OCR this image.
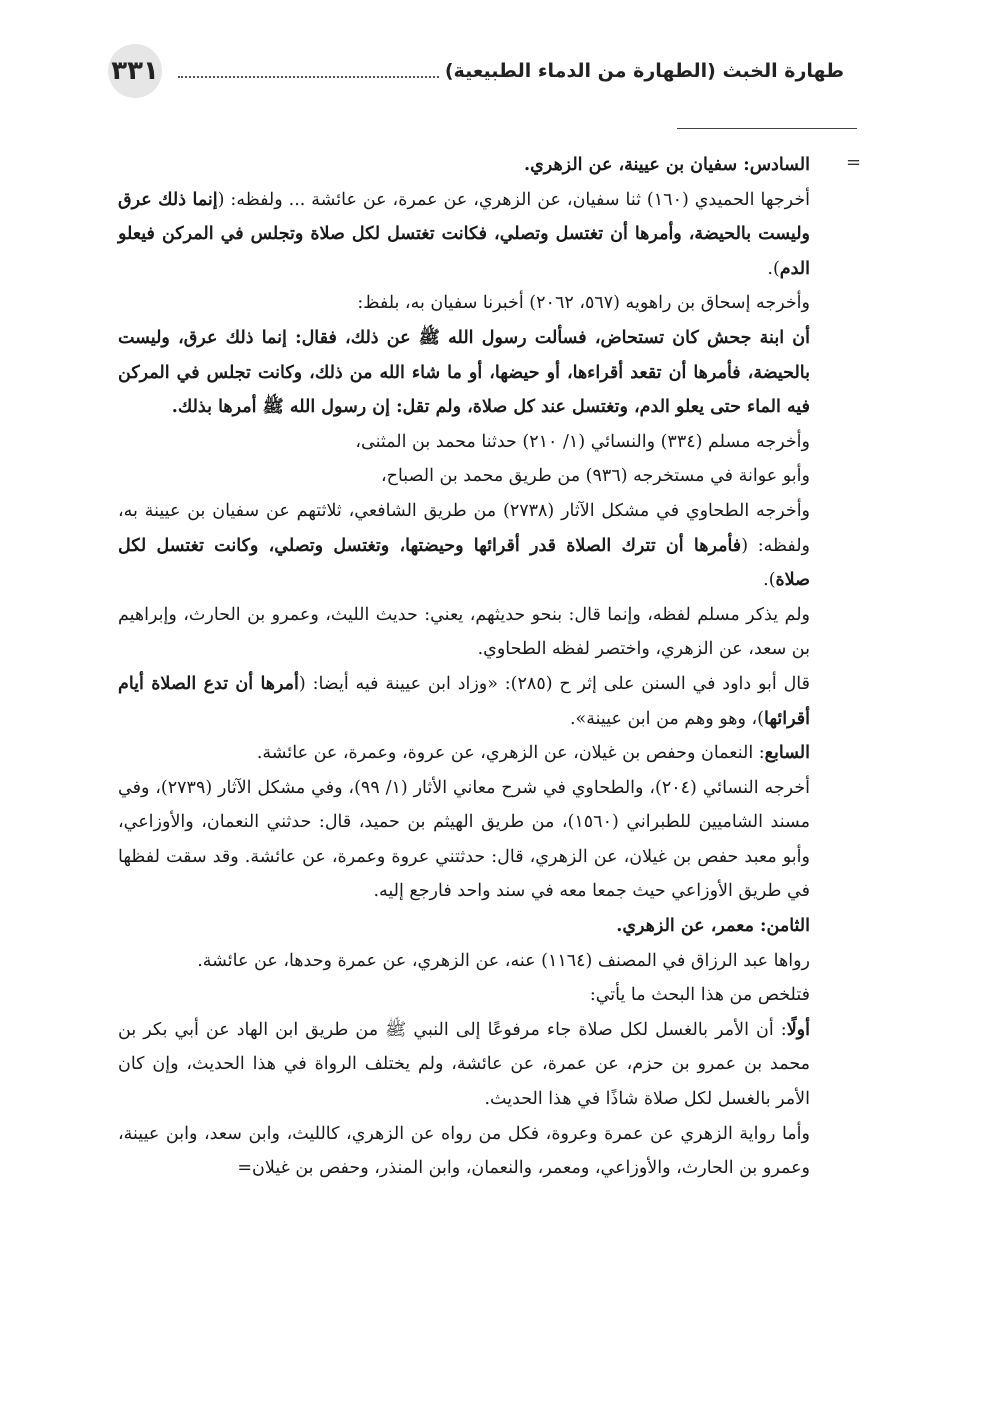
٣٣١	طهارة الخبث (الطهارة من الدماء الطبيعية)
=

السادس: سفيان بن عيينة، عن الزهري.

أخرجها الحميدي (١٦٠) ثنا سفيان، عن الزهري، عن عمرة، عن عائشة ... ولفظه: (إنما ذلك عرق وليست بالحيضة، وأمرها أن تغتسل وتصلي، فكانت تغتسل لكل صلاة وتجلس في المركن فيعلو الدم).

وأخرجه إسحاق بن راهويه (٥٦٧، ٢٠٦٢) أخبرنا سفيان به، بلفظ:

أن ابنة جحش كان تستحاض، فسألت رسول الله ﷺ عن ذلك، فقال: إنما ذلك عرق، وليست بالحيضة، فأمرها أن تقعد أقراءها، أو حيضها، أو ما شاء الله من ذلك، وكانت تجلس في المركن فيه الماء حتى يعلو الدم، وتغتسل عند كل صلاة، ولم تقل: إن رسول الله ﷺ أمرها بذلك.

وأخرجه مسلم (٣٣٤) والنسائي (١/ ٢١٠) حدثنا محمد بن المثنى،

وأبو عوانة في مستخرجه (٩٣٦) من طريق محمد بن الصباح،

وأخرجه الطحاوي في مشكل الآثار (٢٧٣٨) من طريق الشافعي، ثلاثتهم عن سفيان بن عيينة به، ولفظه: (فأمرها أن تترك الصلاة قدر أقرائها وحيضتها، وتغتسل وتصلي، وكانت تغتسل لكل صلاة).

ولم يذكر مسلم لفظه، وإنما قال: بنحو حديثهم، يعني: حديث الليث، وعمرو بن الحارث، وإبراهيم بن سعد، عن الزهري، واختصر لفظه الطحاوي.

قال أبو داود في السنن على إثر ح (٢٨٥): «وزاد ابن عيينة فيه أيضا: (أمرها أن تدع الصلاة أيام أقرائها)، وهو وهم من ابن عيينة».

السابع: النعمان وحفص بن غيلان، عن الزهري، عن عروة، وعمرة، عن عائشة.

أخرجه النسائي (٢٠٤)، والطحاوي في شرح معاني الأثار (١/ ٩٩)، وفي مشكل الآثار (٢٧٣٩)، وفي مسند الشاميين للطبراني (١٥٦٠)، من طريق الهيثم بن حميد، قال: حدثني النعمان، والأوزاعي، وأبو معبد حفص بن غيلان، عن الزهري، قال: حدثتني عروة وعمرة، عن عائشة. وقد سقت لفظها في طريق الأوزاعي حيث جمعا معه في سند واحد فارجع إليه.

الثامن: معمر، عن الزهري.

رواها عبد الرزاق في المصنف (١١٦٤) عنه، عن الزهري، عن عمرة وحدها، عن عائشة.

فتلخص من هذا البحث ما يأتي:

أولًا: أن الأمر بالغسل لكل صلاة جاء مرفوعًا إلى النبي ﷺ من طريق ابن الهاد عن أبي بكر بن محمد بن عمرو بن حزم، عن عمرة، عن عائشة، ولم يختلف الرواة في هذا الحديث، وإن كان الأمر بالغسل لكل صلاة شاذًا في هذا الحديث.

وأما رواية الزهري عن عمرة وعروة، فكل من رواه عن الزهري، كالليث، وابن سعد، وابن عيينة، وعمرو بن الحارث، والأوزاعي، ومعمر، والنعمان، وابن المنذر، وحفص بن غيلان=
